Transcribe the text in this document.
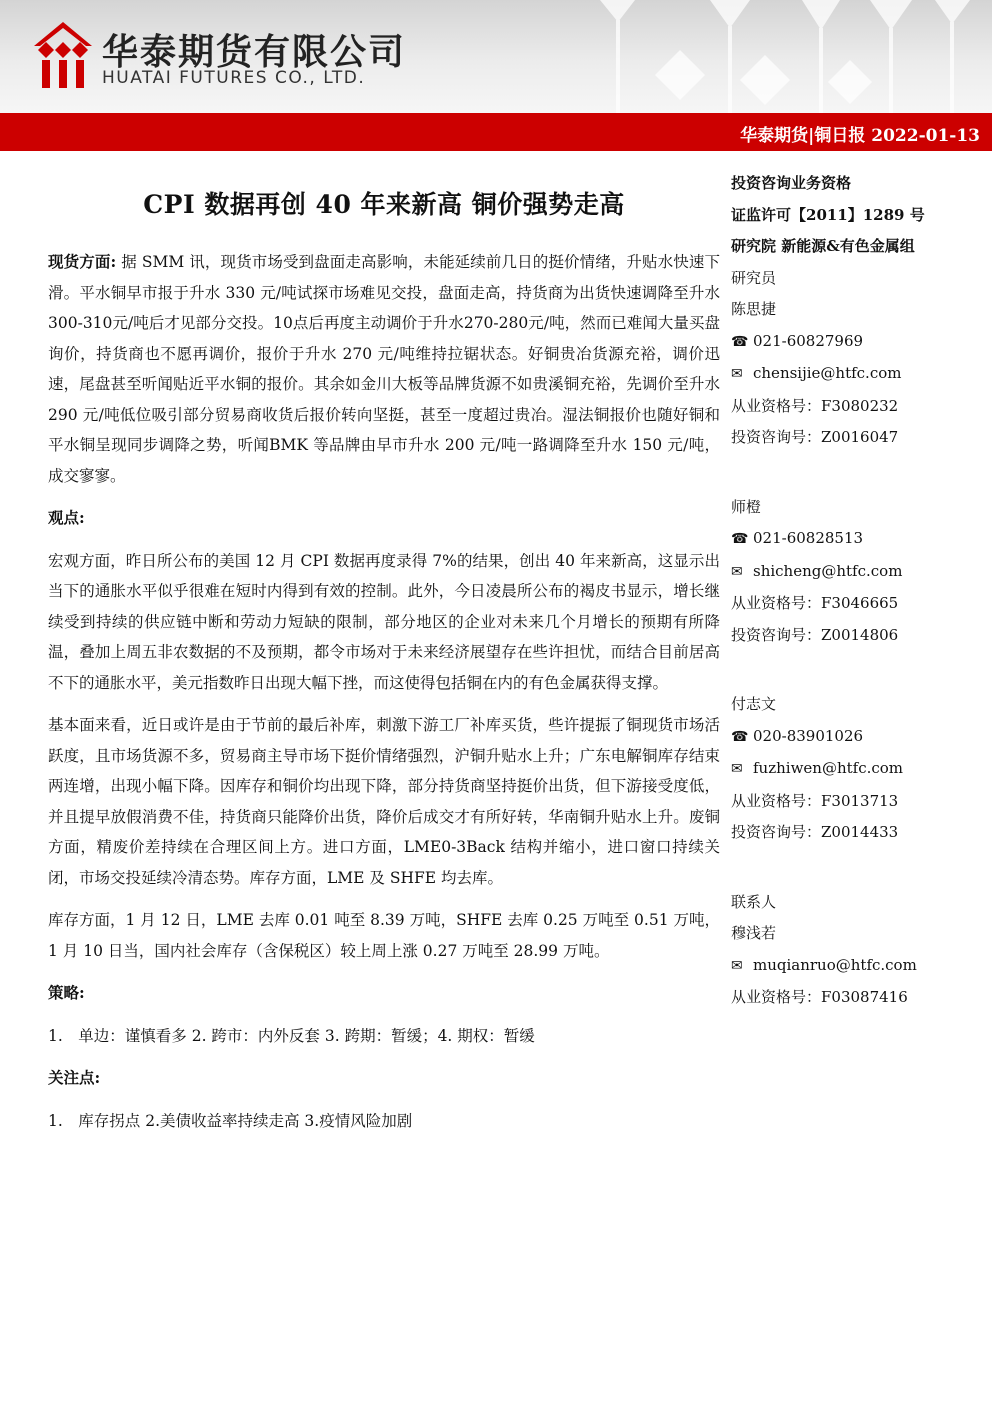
华泰期货有限公司
HUATAI FUTURES CO., LTD.
华泰期货|铜日报 2022-01-13
CPI 数据再创 40 年来新高 铜价强势走高

现货方面: 据 SMM 讯，现货市场受到盘面走高影响，未能延续前几日的挺价情绪，升贴水快速下滑。平水铜早市报于升水 330 元/吨试探市场难见交投，盘面走高，持货商为出货快速调降至升水300-310元/吨后才见部分交投。10点后再度主动调价于升水270-280元/吨，然而已难闻大量买盘询价，持货商也不愿再调价，报价于升水 270 元/吨维持拉锯状态。好铜贵冶货源充裕，调价迅速，尾盘甚至听闻贴近平水铜的报价。其余如金川大板等品牌货源不如贵溪铜充裕，先调价至升水 290 元/吨低位吸引部分贸易商收货后报价转向坚挺，甚至一度超过贵冶。湿法铜报价也随好铜和平水铜呈现同步调降之势，听闻BMK 等品牌由早市升水 200 元/吨一路调降至升水 150 元/吨，成交寥寥。

观点:

宏观方面，昨日所公布的美国 12 月 CPI 数据再度录得 7%的结果，创出 40 年来新高，这显示出当下的通胀水平似乎很难在短时内得到有效的控制。此外，今日凌晨所公布的褐皮书显示，增长继续受到持续的供应链中断和劳动力短缺的限制，部分地区的企业对未来几个月增长的预期有所降温，叠加上周五非农数据的不及预期，都令市场对于未来经济展望存在些许担忧，而结合目前居高不下的通胀水平，美元指数昨日出现大幅下挫，而这使得包括铜在内的有色金属获得支撑。

基本面来看，近日或许是由于节前的最后补库，刺激下游工厂补库买货，些许提振了铜现货市场活跃度，且市场货源不多，贸易商主导市场下挺价情绪强烈，沪铜升贴水上升；广东电解铜库存结束两连增，出现小幅下降。因库存和铜价均出现下降，部分持货商坚持挺价出货，但下游接受度低，并且提早放假消费不佳，持货商只能降价出货，降价后成交才有所好转，华南铜升贴水上升。废铜方面，精废价差持续在合理区间上方。进口方面，LME0-3Back 结构并缩小，进口窗口持续关闭，市场交投延续冷清态势。库存方面，LME 及 SHFE 均去库。

库存方面，1 月 12 日，LME 去库 0.01 吨至 8.39 万吨，SHFE 去库 0.25 万吨至 0.51 万吨，1 月 10 日当，国内社会库存（含保税区）较上周上涨 0.27 万吨至 28.99 万吨。

策略:

1.　单边：谨慎看多 2. 跨市：内外反套 3. 跨期：暂缓；4. 期权：暂缓

关注点:

1.　库存拐点 2.美债收益率持续走高 3.疫情风险加剧

投资咨询业务资格
证监许可【2011】1289 号
研究院 新能源&有色金属组
研究员
陈思捷
☎ 021-60827969
✉ chensijie@htfc.com
从业资格号：F3080232
投资咨询号：Z0016047
师橙
☎ 021-60828513
✉ shicheng@htfc.com
从业资格号：F3046665
投资咨询号：Z0014806
付志文
☎ 020-83901026
✉ fuzhiwen@htfc.com
从业资格号：F3013713
投资咨询号：Z0014433
联系人
穆浅若
✉ muqianruo@htfc.com
从业资格号：F03087416
